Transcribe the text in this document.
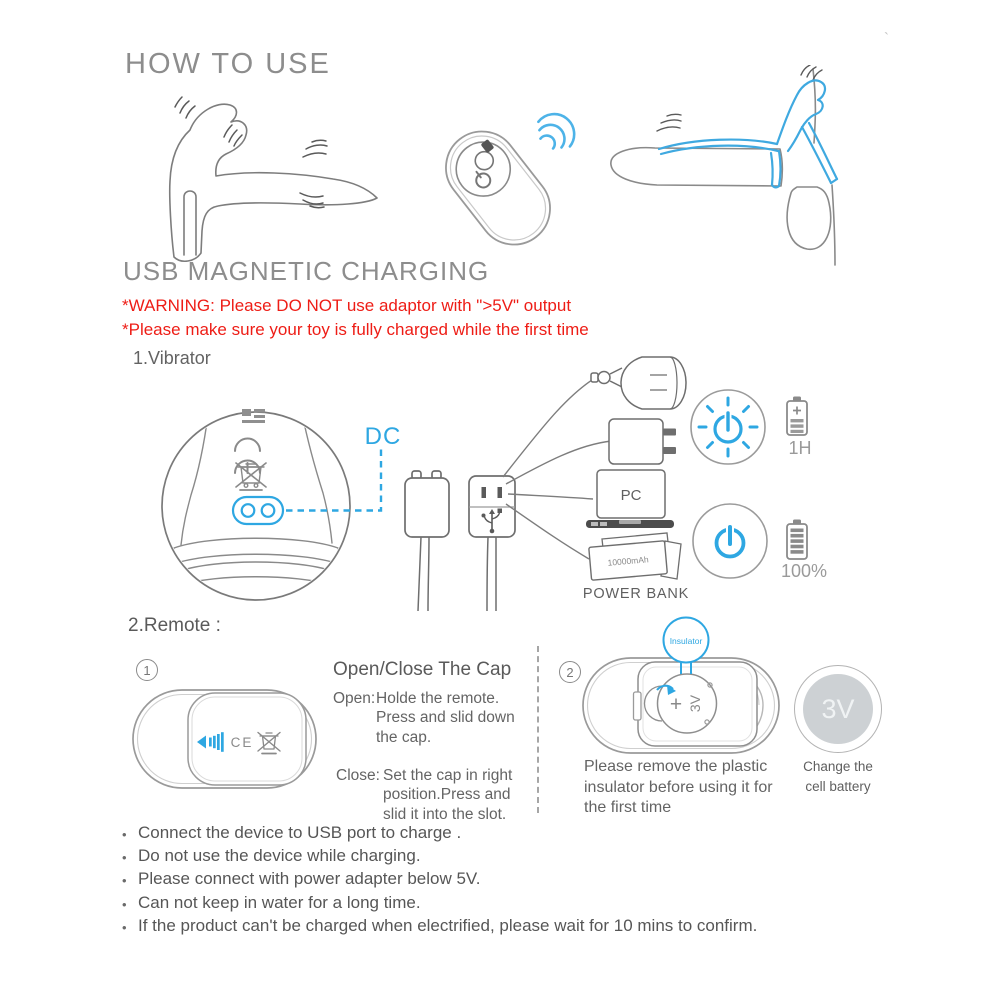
`
HOW TO USE
USB MAGNETIC CHARGING
*WARNING: Please DO NOT use adaptor with ">5V" output
*Please make sure your toy is fully charged while the first time
1.Vibrator
DC
PC
10000mAh
POWER BANK
1H
100%
2.Remote :
1
CE
Open/Close The Cap
Open: Holde the remote.
Press and slid down
the cap.
Close: Set the cap in right
position.Press and
slid it into the slot.
2
+ 3V
Insulator
Please remove the plastic insulator before using it for the first time
3V
Change the
cell battery
• Connect the device to USB port to charge .
• Do not use the device while charging.
• Please connect with power adapter below 5V.
• Can not keep in water for a long time.
• If the product can't be charged when electrified, please wait for 10 mins to confirm.
